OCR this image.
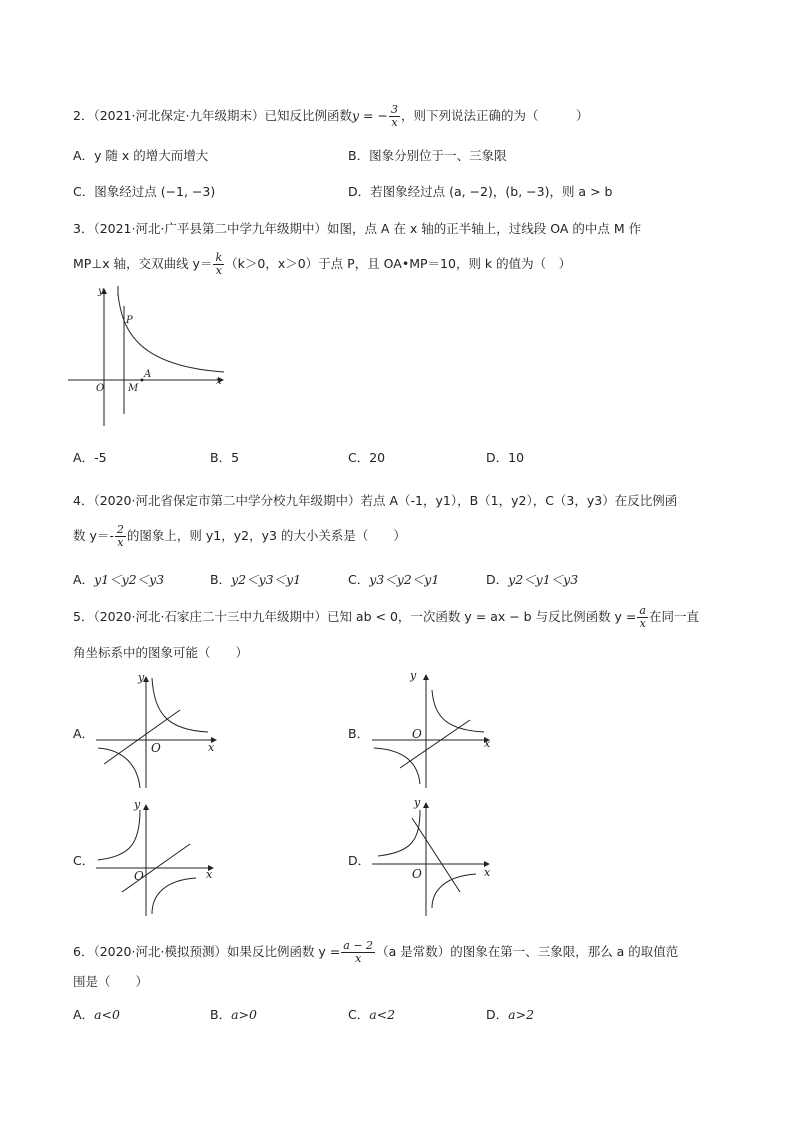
2．（2021·河北保定·九年级期末）已知反比例函数y = − $\frac{3}{x}$ ，则下列说法正确的为（　　　）
A．y 随 x 的增大而增大	B．图象分别位于一、三象限
C．图象经过点 (−1, −3)	D．若图象经过点 (a, −2)，(b, −3)，则 a > b
3．（2021·河北·广平县第二中学九年级期中）如图，点 A 在 x 轴的正半轴上，过线段 OA 的中点 M 作
MP⊥x 轴，交双曲线 $y= \frac{k}{x} (k>0$，x＞0）于点 P，且 OA•MP＝10，则 k 的值为（　）
y
x
O
P
M
A
A．-5	B．5	C．20	D．10
4．（2020·河北省保定市第二中学分校九年级期中）若点 A（-1，y1），B（1，y2），C（3，y3）在反比例函
数 $y=- \frac{2}{x}$ 的图象上，则 y1，y2，y3 的大小关系是（　　）
A．y1＜y2＜y3	B．y2＜y3＜y1	C．y3＜y2＜y1	D．y2＜y1＜y3
5．（2020·河北·石家庄二十三中九年级期中）已知 ab < 0，一次函数 y = ax − b 与反比例函数 $y = \frac{a}{x}$ 在同一直
角坐标系中的图象可能（　　）
A．
y
x
O
B．
y
x
O
C．
y
x
O
D．
y
x
O
6．（2020·河北·模拟预测）如果反比例函数 $y = \frac{a - 2}{x} (a$ 是常数）的图象在第一、三象限，那么 a 的取值范
围是（　　）
A．a<0	B．a>0	C．a<2	D．a>2
